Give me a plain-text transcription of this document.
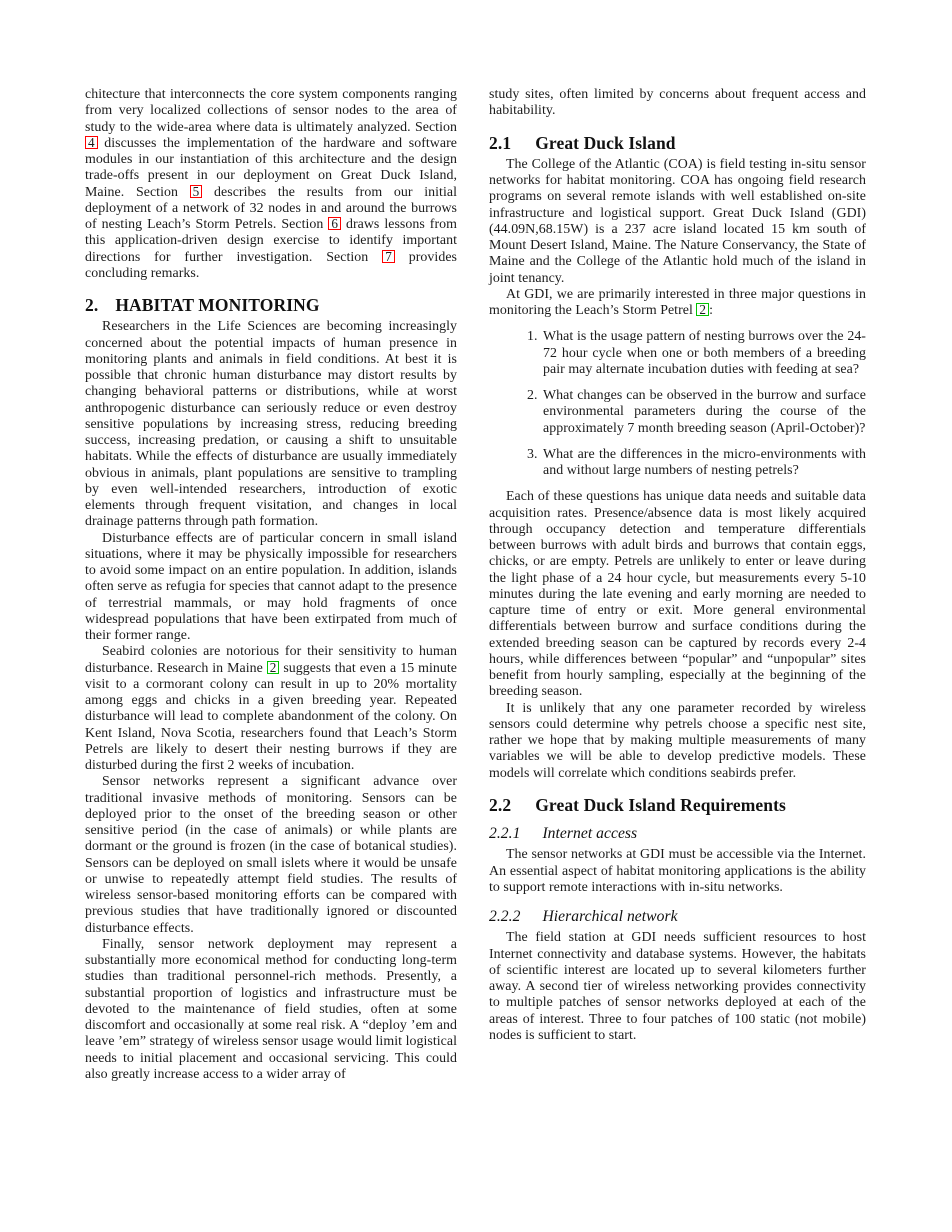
chitecture that interconnects the core system components ranging from very localized collections of sensor nodes to the area of study to the wide-area where data is ultimately analyzed. Section 4 discusses the implementation of the hardware and software modules in our instantiation of this architecture and the design trade-offs present in our deployment on Great Duck Island, Maine. Section 5 describes the results from our initial deployment of a network of 32 nodes in and around the burrows of nesting Leach’s Storm Petrels. Section 6 draws lessons from this application-driven design exercise to identify important directions for further investigation. Section 7 provides concluding remarks.

2. HABITAT MONITORING

Researchers in the Life Sciences are becoming increasingly concerned about the potential impacts of human presence in monitoring plants and animals in field conditions. At best it is possible that chronic human disturbance may distort results by changing behavioral patterns or distributions, while at worst anthropogenic disturbance can seriously reduce or even destroy sensitive populations by increasing stress, reducing breeding success, increasing predation, or causing a shift to unsuitable habitats. While the effects of disturbance are usually immediately obvious in animals, plant populations are sensitive to trampling by even well-intended researchers, introduction of exotic elements through frequent visitation, and changes in local drainage patterns through path formation.

Disturbance effects are of particular concern in small island situations, where it may be physically impossible for researchers to avoid some impact on an entire population. In addition, islands often serve as refugia for species that cannot adapt to the presence of terrestrial mammals, or may hold fragments of once widespread populations that have been extirpated from much of their former range.

Seabird colonies are notorious for their sensitivity to human disturbance. Research in Maine 2 suggests that even a 15 minute visit to a cormorant colony can result in up to 20% mortality among eggs and chicks in a given breeding year. Repeated disturbance will lead to complete abandonment of the colony. On Kent Island, Nova Scotia, researchers found that Leach’s Storm Petrels are likely to desert their nesting burrows if they are disturbed during the first 2 weeks of incubation.

Sensor networks represent a significant advance over traditional invasive methods of monitoring. Sensors can be deployed prior to the onset of the breeding season or other sensitive period (in the case of animals) or while plants are dormant or the ground is frozen (in the case of botanical studies). Sensors can be deployed on small islets where it would be unsafe or unwise to repeatedly attempt field studies. The results of wireless sensor-based monitoring efforts can be compared with previous studies that have traditionally ignored or discounted disturbance effects.

Finally, sensor network deployment may represent a substantially more economical method for conducting long-term studies than traditional personnel-rich methods. Presently, a substantial proportion of logistics and infrastructure must be devoted to the maintenance of field studies, often at some discomfort and occasionally at some real risk. A “deploy ’em and leave ’em” strategy of wireless sensor usage would limit logistical needs to initial placement and occasional servicing. This could also greatly increase access to a wider array of

study sites, often limited by concerns about frequent access and habitability.

2.1 Great Duck Island

The College of the Atlantic (COA) is field testing in-situ sensor networks for habitat monitoring. COA has ongoing field research programs on several remote islands with well established on-site infrastructure and logistical support. Great Duck Island (GDI) (44.09N,68.15W) is a 237 acre island located 15 km south of Mount Desert Island, Maine. The Nature Conservancy, the State of Maine and the College of the Atlantic hold much of the island in joint tenancy.

At GDI, we are primarily interested in three major questions in monitoring the Leach’s Storm Petrel 2 :

1. What is the usage pattern of nesting burrows over the 24-72 hour cycle when one or both members of a breeding pair may alternate incubation duties with feeding at sea?
2. What changes can be observed in the burrow and surface environmental parameters during the course of the approximately 7 month breeding season (April-October)?
3. What are the differences in the micro-environments with and without large numbers of nesting petrels?

Each of these questions has unique data needs and suitable data acquisition rates. Presence/absence data is most likely acquired through occupancy detection and temperature differentials between burrows with adult birds and burrows that contain eggs, chicks, or are empty. Petrels are unlikely to enter or leave during the light phase of a 24 hour cycle, but measurements every 5-10 minutes during the late evening and early morning are needed to capture time of entry or exit. More general environmental differentials between burrow and surface conditions during the extended breeding season can be captured by records every 2-4 hours, while differences between “popular” and “unpopular” sites benefit from hourly sampling, especially at the beginning of the breeding season.

It is unlikely that any one parameter recorded by wireless sensors could determine why petrels choose a specific nest site, rather we hope that by making multiple measurements of many variables we will be able to develop predictive models. These models will correlate which conditions seabirds prefer.

2.2 Great Duck Island Requirements
2.2.1 Internet access

The sensor networks at GDI must be accessible via the Internet. An essential aspect of habitat monitoring applications is the ability to support remote interactions with in-situ networks.

2.2.2 Hierarchical network

The field station at GDI needs sufficient resources to host Internet connectivity and database systems. However, the habitats of scientific interest are located up to several kilometers further away. A second tier of wireless networking provides connectivity to multiple patches of sensor networks deployed at each of the areas of interest. Three to four patches of 100 static (not mobile) nodes is sufficient to start.
